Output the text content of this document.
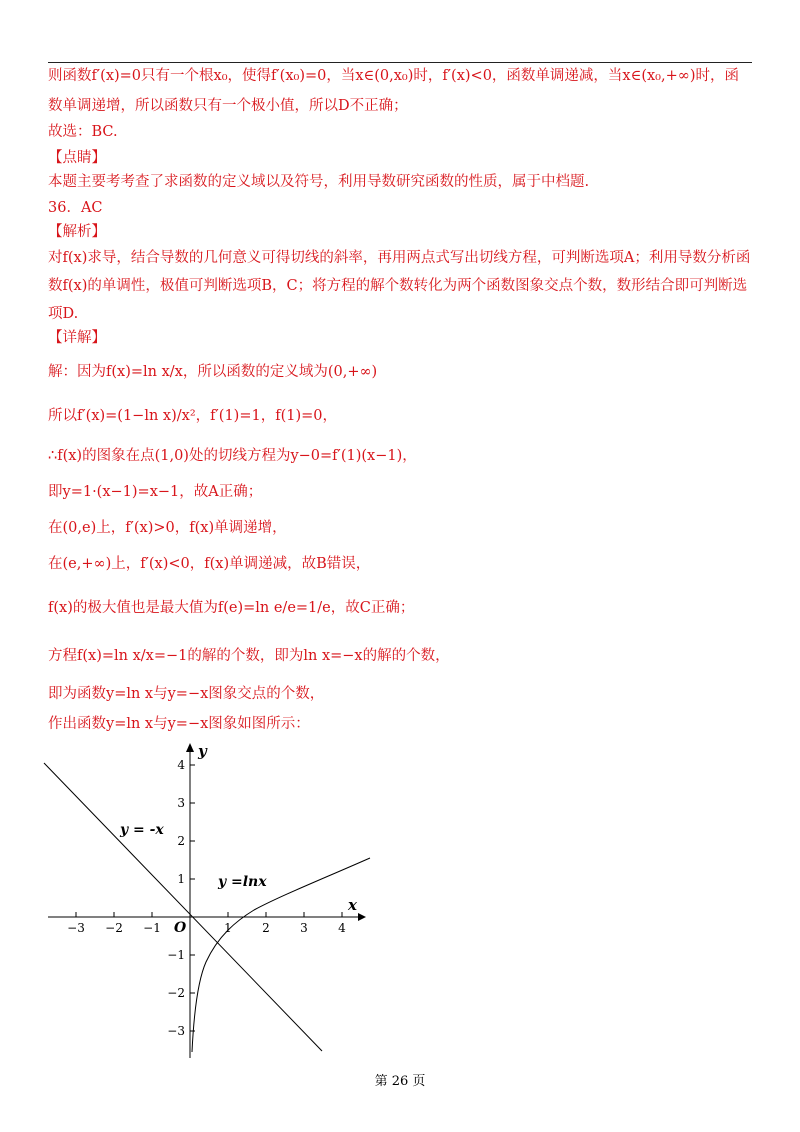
则函数f′(x)=0只有一个根x₀，使得f′(x₀)=0，当x∈(0,x₀)时，f′(x)<0，函数单调递减，当x∈(x₀,+∞)时，函
数单调递增，所以函数只有一个极小值，所以D不正确；
故选：BC.
【点睛】
本题主要考考查了求函数的定义域以及符号，利用导数研究函数的性质，属于中档题.
36．AC
【解析】
对f(x)求导，结合导数的几何意义可得切线的斜率，再用两点式写出切线方程，可判断选项A；利用导数分析函
数f(x)的单调性，极值可判断选项B，C；将方程的解个数转化为两个函数图象交点个数，数形结合即可判断选
项D.
【详解】
解：因为f(x)=ln x/x，所以函数的定义域为(0,+∞)
所以f′(x)=(1−ln x)/x²，f′(1)=1，f(1)=0，
∴f(x)的图象在点(1,0)处的切线方程为y−0=f′(1)(x−1)，
即y=1·(x−1)=x−1，故A正确；
在(0,e)上，f′(x)>0，f(x)单调递增，
在(e,+∞)上，f′(x)<0，f(x)单调递减，故B错误，
f(x)的极大值也是最大值为f(e)=ln e/e=1/e，故C正确；
方程f(x)=ln x/x=−1的解的个数，即为ln x=−x的解的个数，
即为函数y=ln x与y=−x图象交点的个数，
作出函数y=ln x与y=−x图象如图所示：
−3 −2 −1	1	2	3	4
4
3
2
1
−1
−2
−3
y
x
O
y = -x
y =lnx
第 26 页
